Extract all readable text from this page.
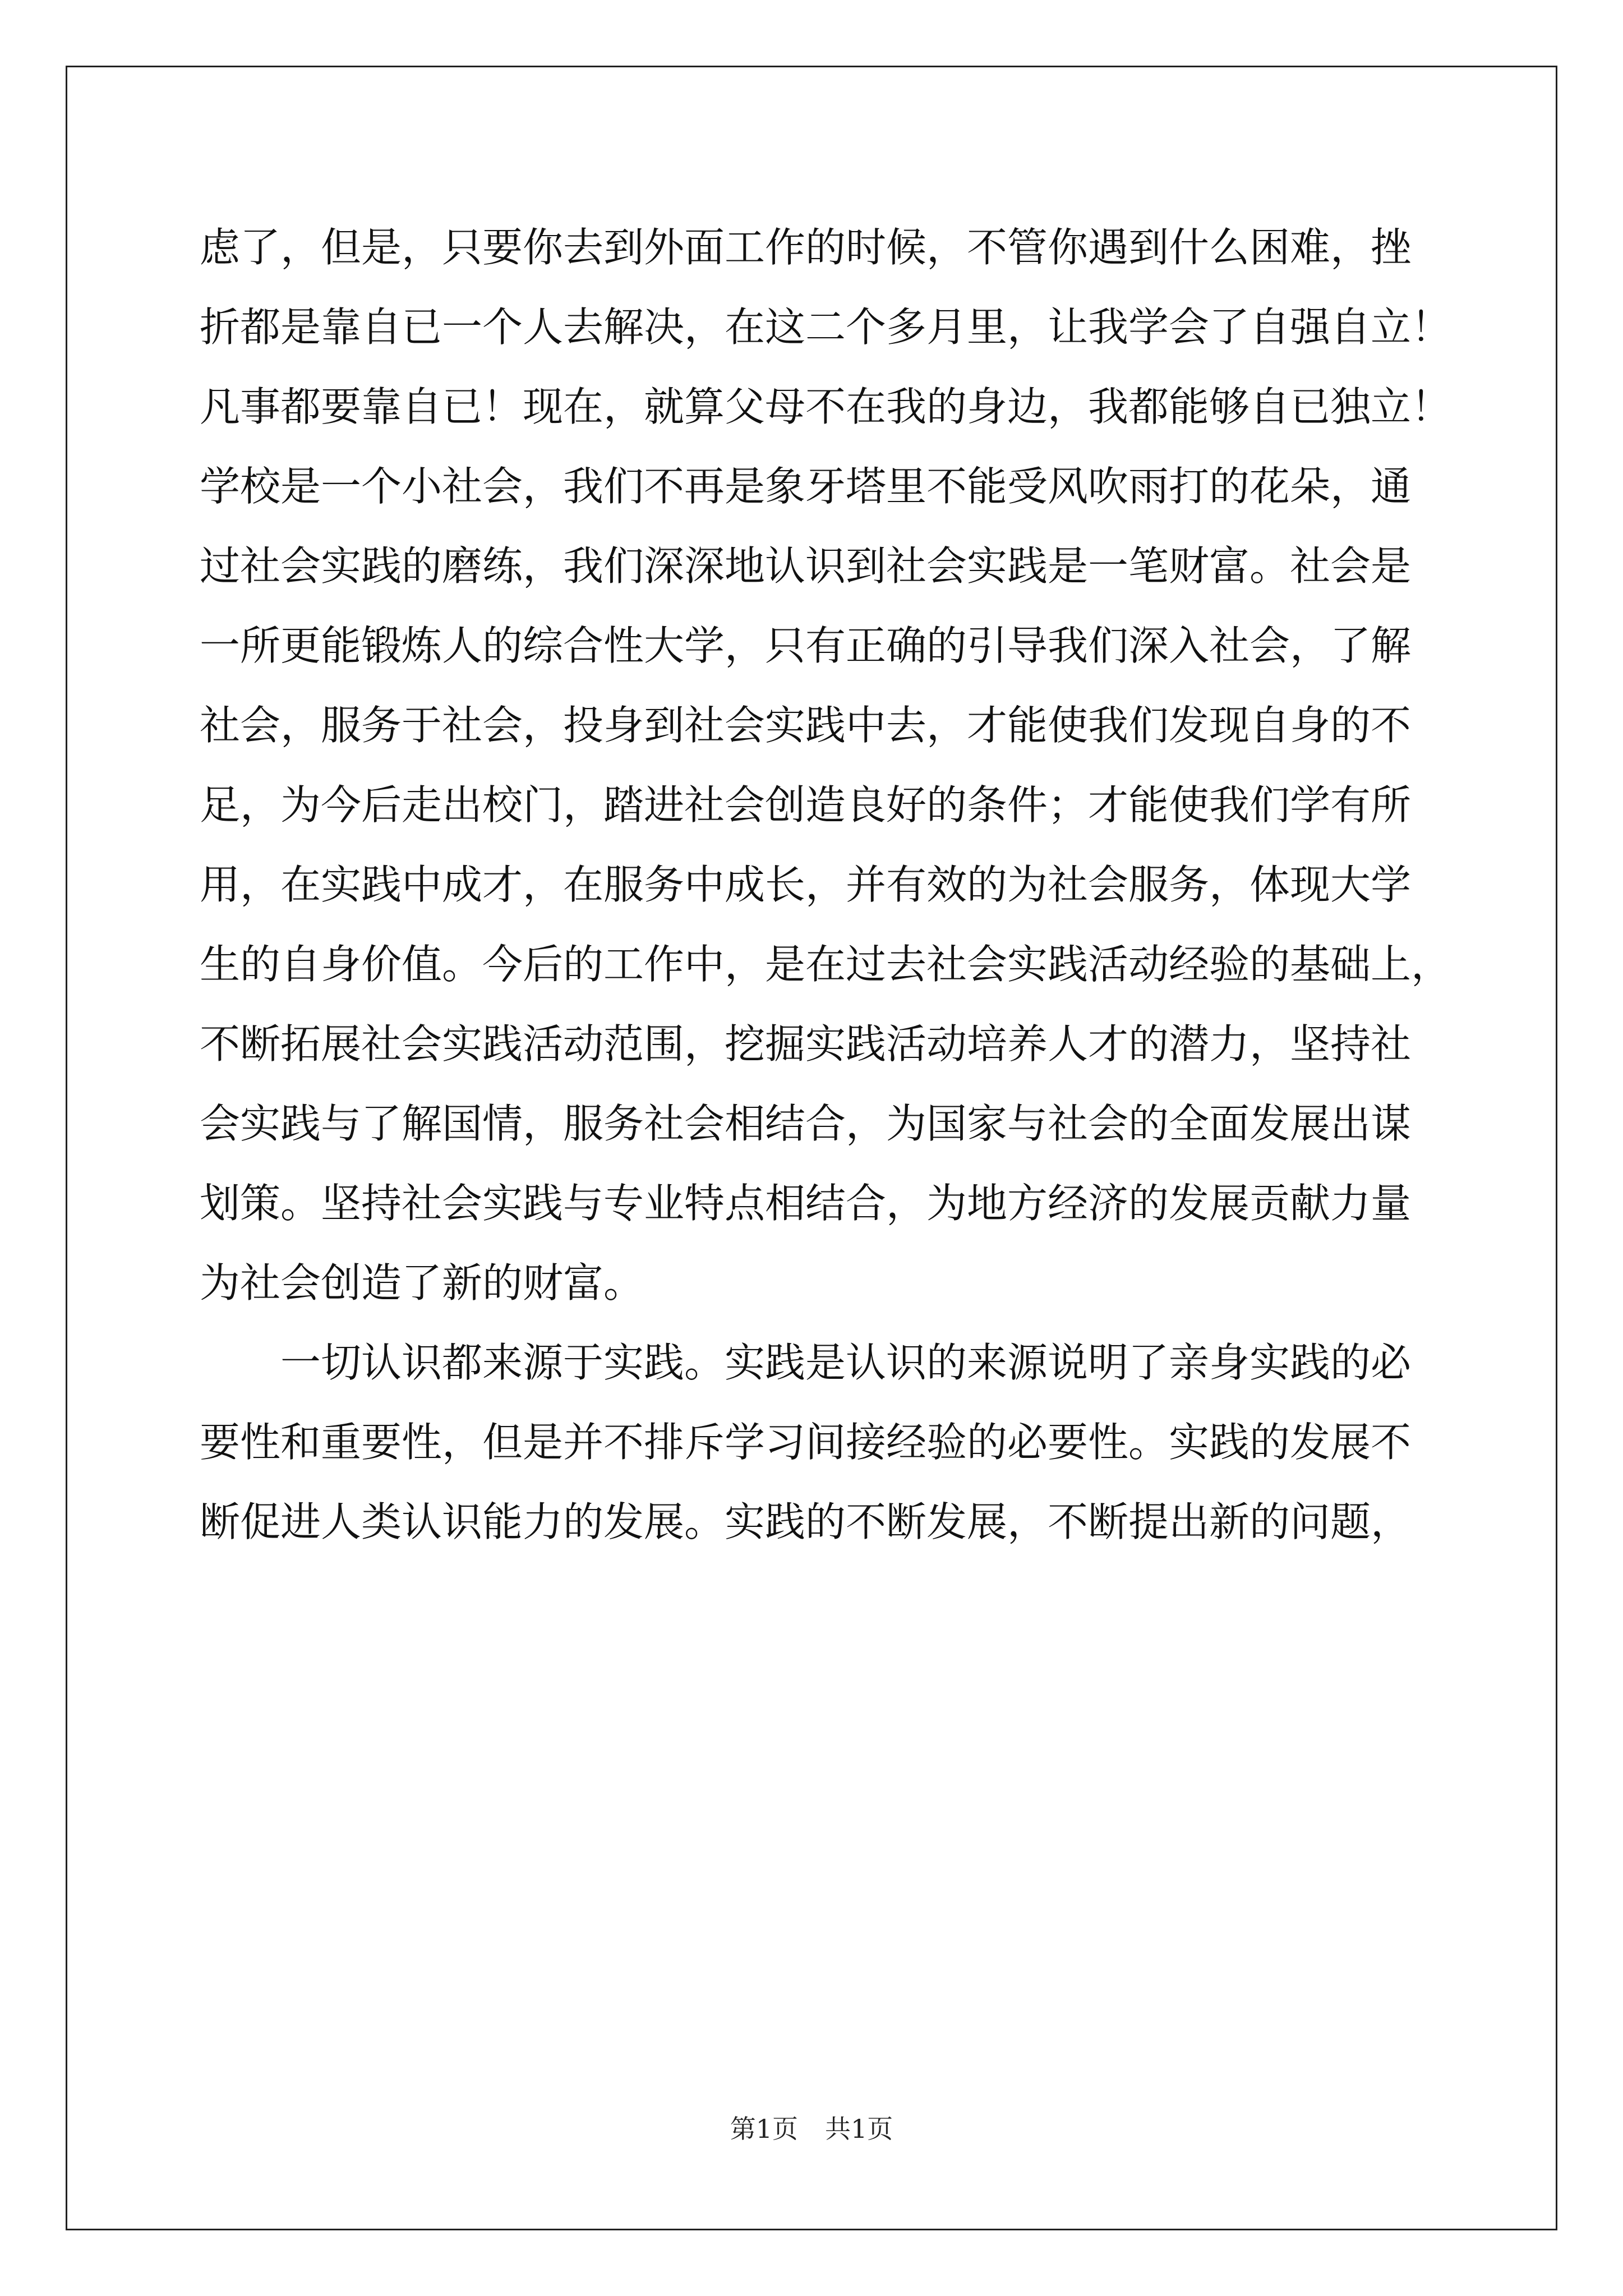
虑了，但是，只要你去到外面工作的时候，不管你遇到什么困难，挫
折都是靠自已一个人去解决，在这二个多月里，让我学会了自强自立！
凡事都要靠自已！现在，就算父母不在我的身边，我都能够自已独立！
学校是一个小社会，我们不再是象牙塔里不能受风吹雨打的花朵，通
过社会实践的磨练，我们深深地认识到社会实践是一笔财富。社会是
一所更能锻炼人的综合性大学，只有正确的引导我们深入社会，了解
社会，服务于社会，投身到社会实践中去，才能使我们发现自身的不
足，为今后走出校门，踏进社会创造良好的条件；才能使我们学有所
用，在实践中成才，在服务中成长，并有效的为社会服务，体现大学
生的自身价值。今后的工作中，是在过去社会实践活动经验的基础上，
不断拓展社会实践活动范围，挖掘实践活动培养人才的潜力，坚持社
会实践与了解国情，服务社会相结合，为国家与社会的全面发展出谋
划策。坚持社会实践与专业特点相结合，为地方经济的发展贡献力量
为社会创造了新的财富。
一切认识都来源于实践。实践是认识的来源说明了亲身实践的必
要性和重要性，但是并不排斥学习间接经验的必要性。实践的发展不
断促进人类认识能力的发展。实践的不断发展，不断提出新的问题，
第1页 共1页
